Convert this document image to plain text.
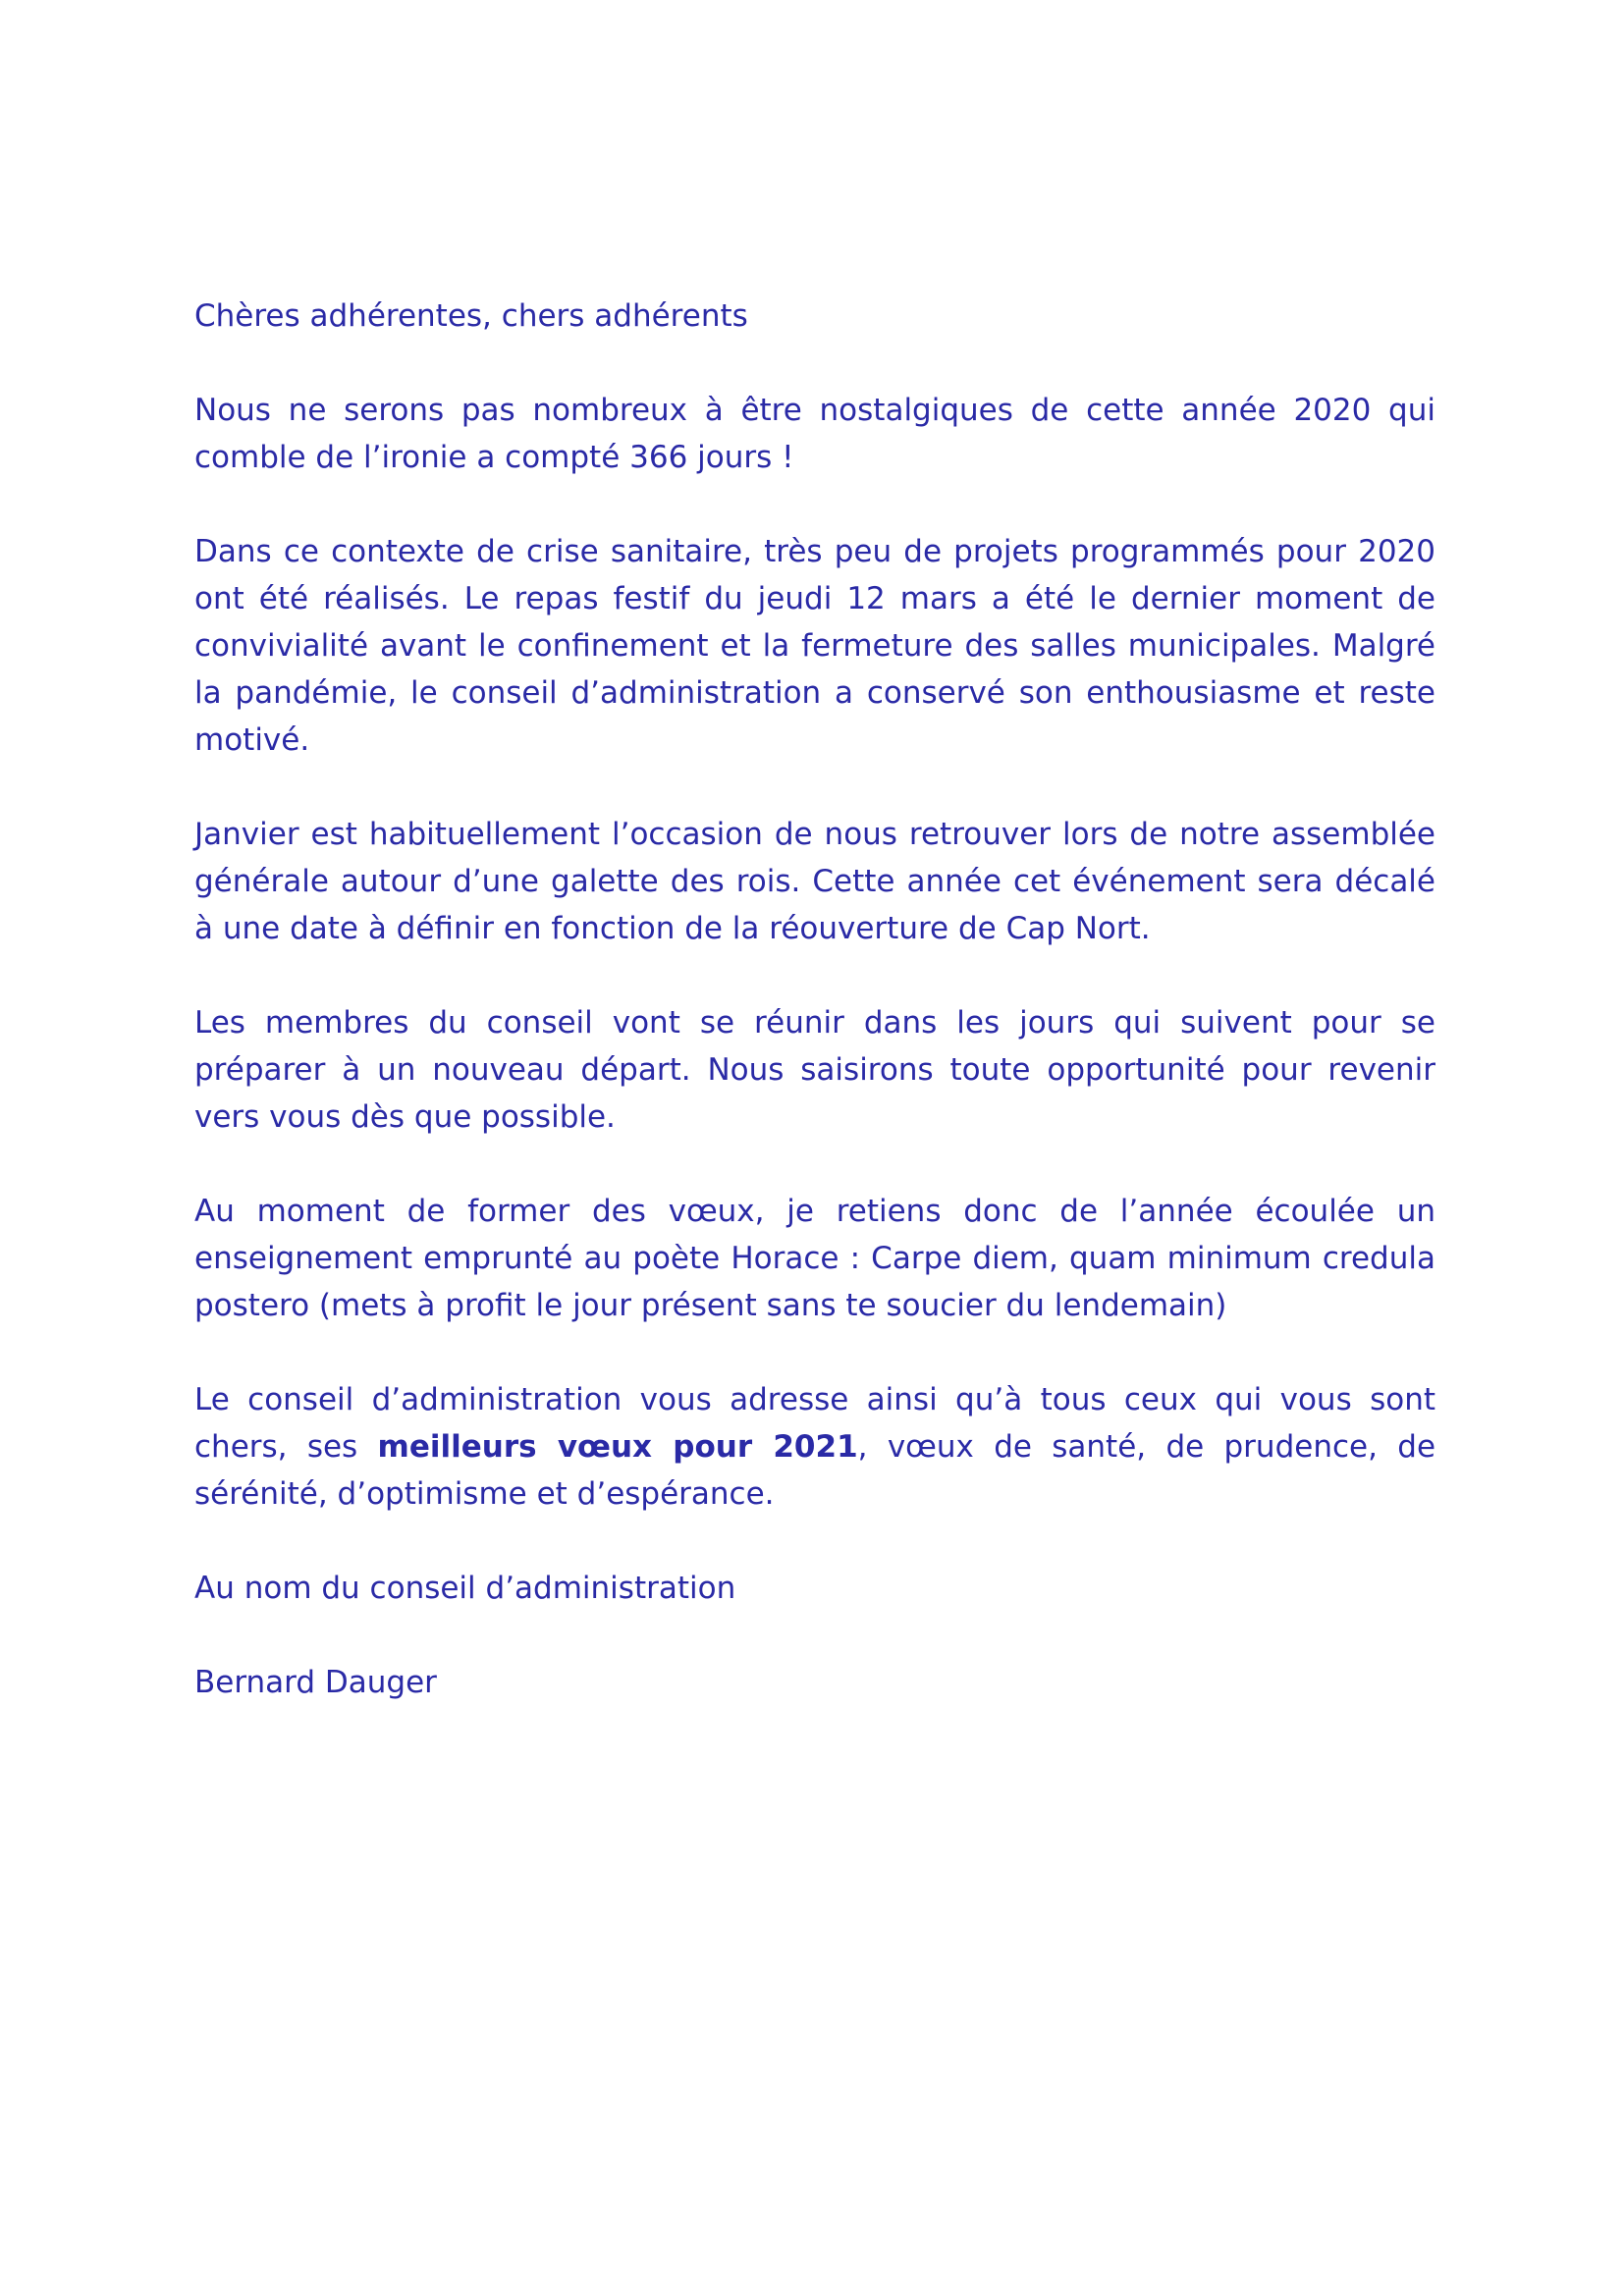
Chères adhérentes, chers adhérents

Nous ne serons pas nombreux à être nostalgiques de cette année 2020 qui comble de l’ironie a compté 366 jours !

Dans ce contexte de crise sanitaire, très peu de projets programmés pour 2020 ont été réalisés. Le repas festif du jeudi 12 mars a été le dernier moment de convivialité avant le confinement et la fermeture des salles municipales. Malgré la pandémie, le conseil d’administration a conservé son enthousiasme et reste motivé.

Janvier est habituellement l’occasion de nous retrouver lors de notre assemblée générale autour d’une galette des rois. Cette année cet événement sera décalé à une date à définir en fonction de la réouverture de Cap Nort.

Les membres du conseil vont se réunir dans les jours qui suivent pour se préparer à un nouveau départ. Nous saisirons toute opportunité pour revenir vers vous dès que possible.

Au moment de former des vœux, je retiens donc de l’année écoulée un enseignement emprunté au poète Horace : Carpe diem, quam minimum credula postero (mets à profit le jour présent sans te soucier du lendemain)

Le conseil d’administration vous adresse ainsi qu’à tous ceux qui vous sont chers, ses meilleurs vœux pour 2021, vœux de santé, de prudence, de sérénité, d’optimisme et d’espérance.

Au nom du conseil d’administration

Bernard Dauger
